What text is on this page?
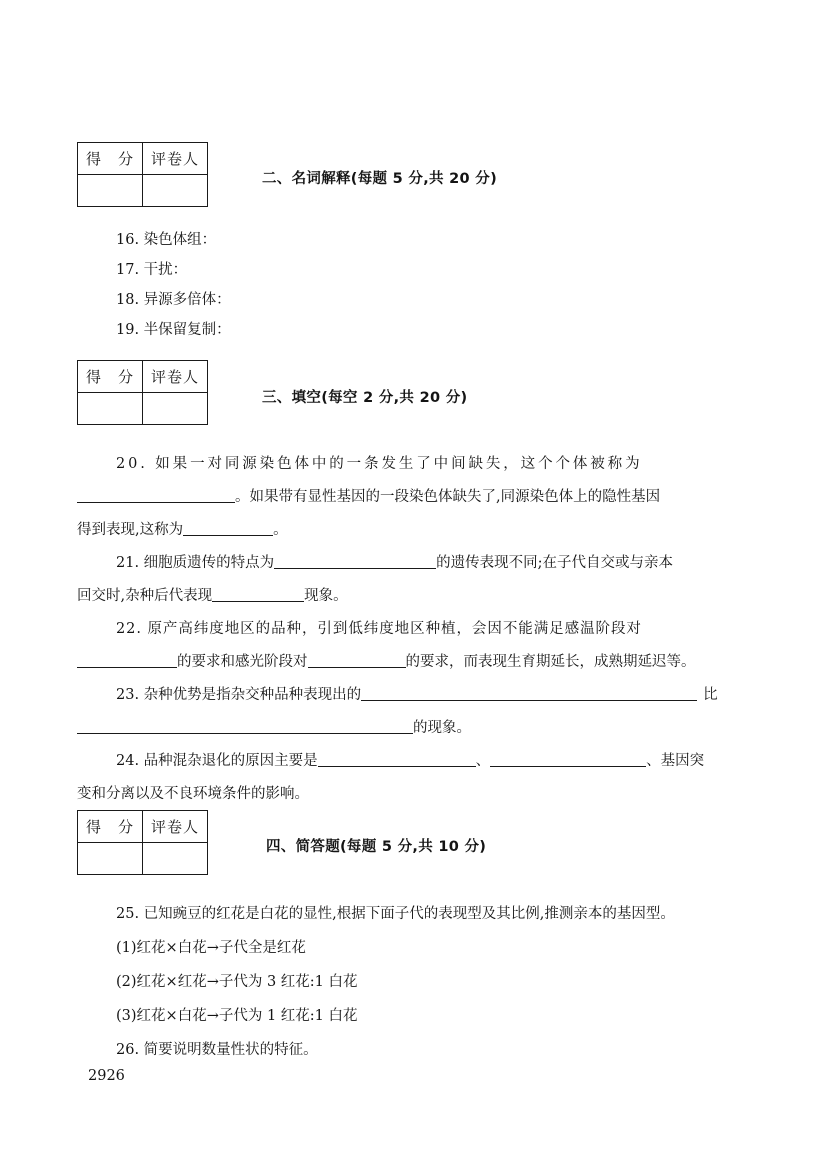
得　分	评卷人

二、名词解释(每题 5 分,共 20 分)
16. 染色体组：
17. 干扰：
18. 异源多倍体：
19. 半保留复制：
得　分	评卷人

三、填空(每空 2 分,共 20 分)
20. 如果一对同源染色体中的一条发生了中间缺失，这个个体被称为
。如果带有显性基因的一段染色体缺失了,同源染色体上的隐性基因
得到表现,这称为	。
21. 细胞质遗传的特点为	的遗传表现不同;在子代自交或与亲本
回交时,杂种后代表现	现象。
22. 原产高纬度地区的品种，引到低纬度地区种植，会因不能满足感温阶段对
的要求和感光阶段对	的要求，而表现生育期延长，成熟期延迟等。
23. 杂种优势是指杂交种品种表现出的	比
的现象。
24. 品种混杂退化的原因主要是	、	、基因突
变和分离以及不良环境条件的影响。
得　分	评卷人

四、简答题(每题 5 分,共 10 分)
25. 已知豌豆的红花是白花的显性,根据下面子代的表现型及其比例,推测亲本的基因型。
(1)红花×白花→子代全是红花
(2)红花×红花→子代为 3 红花:1 白花
(3)红花×白花→子代为 1 红花:1 白花
26. 简要说明数量性状的特征。
2926
